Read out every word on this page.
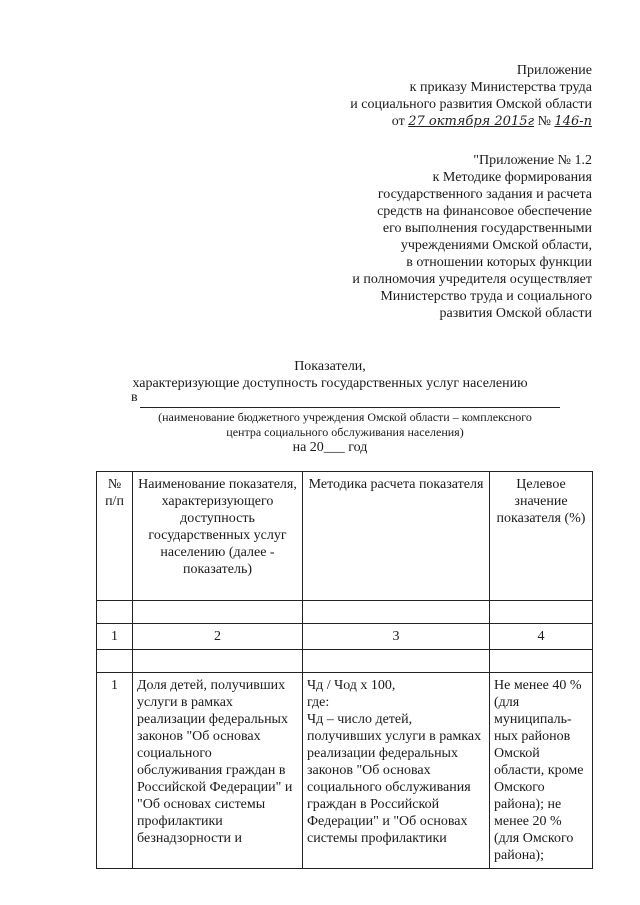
Приложение
к приказу Министерства труда
и социального развития Омской области
от 27 октября 2015г № 146-п
"Приложение № 1.2
к Методике формирования
государственного задания и расчета
средств на финансовое обеспечение
его выполнения государственными
учреждениями Омской области,
в отношении которых функции
и полномочия учредителя осуществляет
Министерство труда и социального
развития Омской области
Показатели,
характеризующие доступность государственных услуг населению
в
(наименование бюджетного учреждения Омской области – комплексного
центра социального обслуживания населения)
на 20___ год
№ п/п	Наименование показателя, характеризующего доступность государственных услуг населению (далее - показатель)	Методика расчета показателя	Целевое значение показателя (%)

1	2	3	4

1	Доля детей, получивших услуги в рамках реализации федеральных законов "Об основах социального обслуживания граждан в Российской Федерации" и "Об основах системы профилактики безнадзорности и	Чд / Чод х 100,
где:
Чд – число детей, получивших услуги в рамках реализации федеральных законов "Об основах социального обслуживания граждан в Российской Федерации" и "Об основах системы профилактики	Не менее 40 % (для муниципаль-ных районов Омской области, кроме Омского района); не менее 20 % (для Омского района);
